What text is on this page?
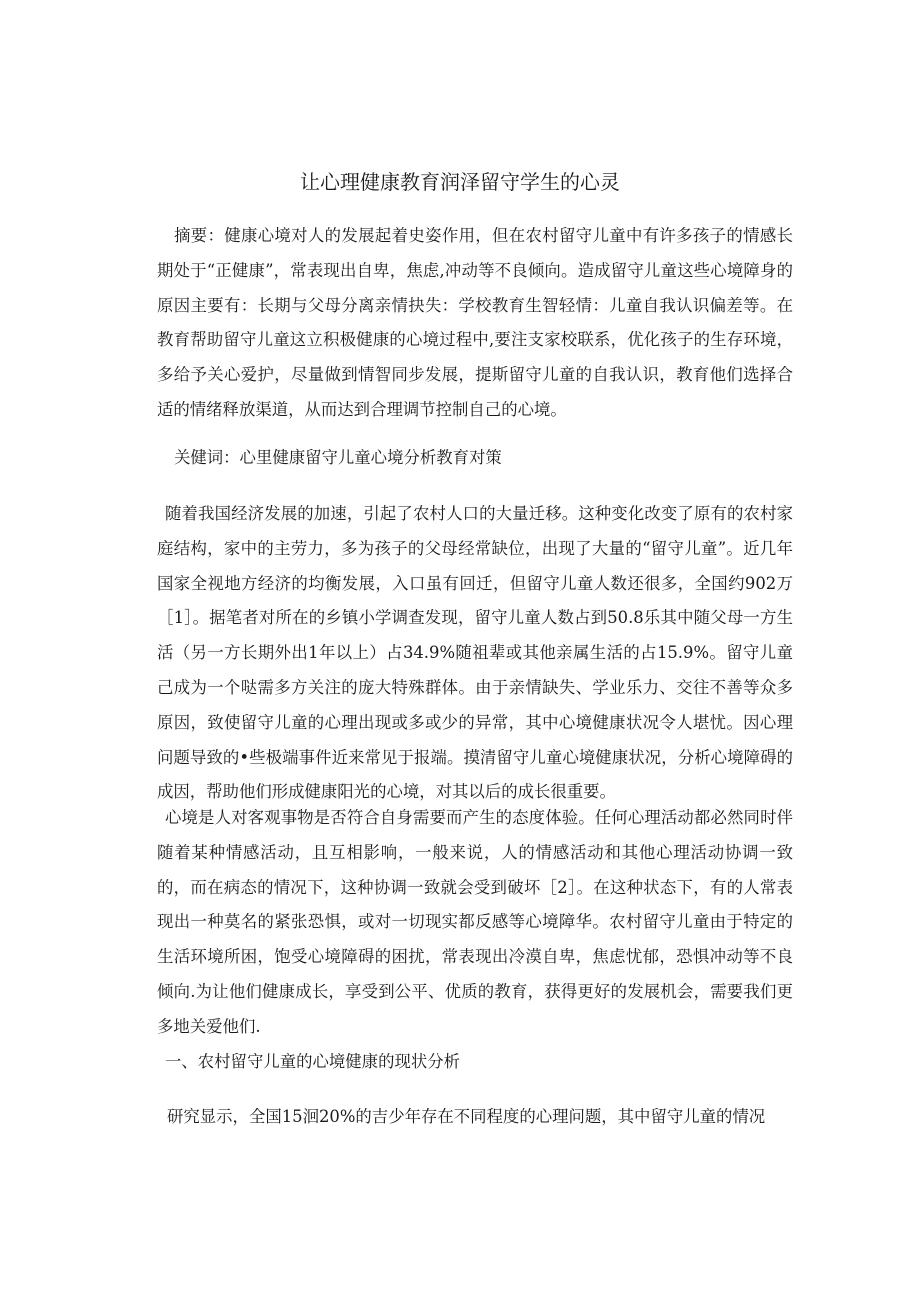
让心理健康教育润泽留守学生的心灵

摘要：健康心境对人的发展起着史姿作用，但在农村留守儿童中有许多孩子的情感长期处于“正健康”，常表现出自卑，焦虑,冲动等不良倾向。造成留守儿童这些心境障身的原因主要有：长期与父母分离亲情抉失：学校教育生智轻情：儿童自我认识偏差等。在教育帮助留守儿童这立积极健康的心境过程中,要注支家校联系，优化孩子的生存环境，多给予关心爱护，尽量做到情智同步发展，提斯留守儿童的自我认识，教育他们选择合适的情绪释放渠道，从而达到合理调节控制自己的心境。

关健词：心里健康留守儿童心境分析教育对策

随着我国经济发展的加速，引起了农村人口的大量迁移。这种变化改变了原有的农村家庭结构，家中的主劳力，多为孩子的父母经常缺位，出现了大量的“留守儿童”。近几年国家全视地方经济的均衡发展，入口虽有回迁，但留守儿童人数还很多，全国约902万［1］。据笔者对所在的乡镇小学调查发现，留守儿童人数占到50.8乐其中随父母一方生活（另一方长期外出1年以上）占34.9%随祖辈或其他亲属生活的占15.9%。留守儿童己成为一个哒需多方关注的庞大特殊群体。由于亲情缺失、学业乐力、交往不善等众多原因，致使留守儿童的心理出现或多或少的异常，其中心境健康状况令人堪忧。因心理问题导致的•些极端事件近来常见于报端。摸清留守儿童心境健康状况，分析心境障碍的成因，帮助他们形成健康阳光的心境，对其以后的成长很重要。

心境是人对客观事物是否符合自身需要而产生的态度体验。任何心理活动都必然同时伴随着某种情感活动，且互相影响，一般来说，人的情感活动和其他心理活动协调一致的，而在病态的情况下，这种协调一致就会受到破坏［2］。在这种状态下，有的人常表现出一种莫名的紧张恐惧，或对一切现实都反感等心境障华。农村留守儿童由于特定的生活环境所困，饱受心境障碍的困扰，常表现出冷漠自卑，焦虑忧郁，恐惧冲动等不良倾向.为让他们健康成长，享受到公平、优质的教育，获得更好的发展机会，需要我们更多地关爱他们.

一、农村留守儿童的心境健康的现状分析

研究显示，全国15洄20%的吉少年存在不同程度的心理问题，其中留守儿童的情况
